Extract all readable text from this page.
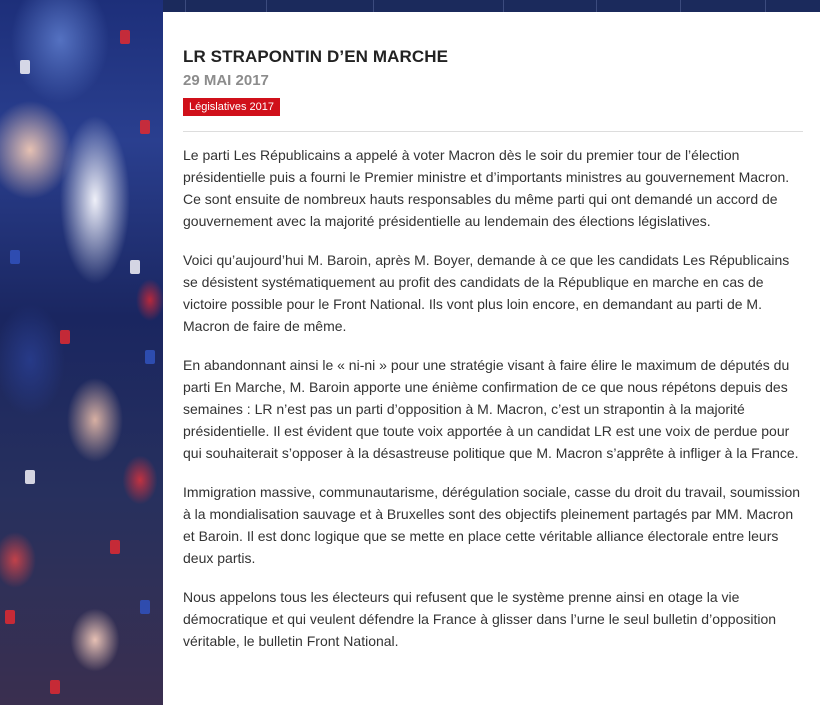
LR STRAPONTIN D’EN MARCHE
29 MAI 2017
Législatives 2017

Le parti Les Républicains a appelé à voter Macron dès le soir du premier tour de l’élection présidentielle puis a fourni le Premier ministre et d’importants ministres au gouvernement Macron. Ce sont ensuite de nombreux hauts responsables du même parti qui ont demandé un accord de gouvernement avec la majorité présidentielle au lendemain des élections législatives.

Voici qu’aujourd’hui M. Baroin, après M. Boyer, demande à ce que les candidats Les Républicains se désistent systématiquement au profit des candidats de la République en marche en cas de victoire possible pour le Front National. Ils vont plus loin encore, en demandant au parti de M. Macron de faire de même.

En abandonnant ainsi le « ni-ni » pour une stratégie visant à faire élire le maximum de députés du parti En Marche, M. Baroin apporte une énième confirmation de ce que nous répétons depuis des semaines : LR n’est pas un parti d’opposition à M. Macron, c’est un strapontin à la majorité présidentielle. Il est évident que toute voix apportée à un candidat LR est une voix de perdue pour qui souhaiterait s’opposer à la désastreuse politique que M. Macron s’apprête à infliger à la France.

Immigration massive, communautarisme, dérégulation sociale, casse du droit du travail, soumission à la mondialisation sauvage et à Bruxelles sont des objectifs pleinement partagés par MM. Macron et Baroin. Il est donc logique que se mette en place cette véritable alliance électorale entre leurs deux partis.

Nous appelons tous les électeurs qui refusent que le système prenne ainsi en otage la vie démocratique et qui veulent défendre la France à glisser dans l’urne le seul bulletin d’opposition véritable, le bulletin Front National.
